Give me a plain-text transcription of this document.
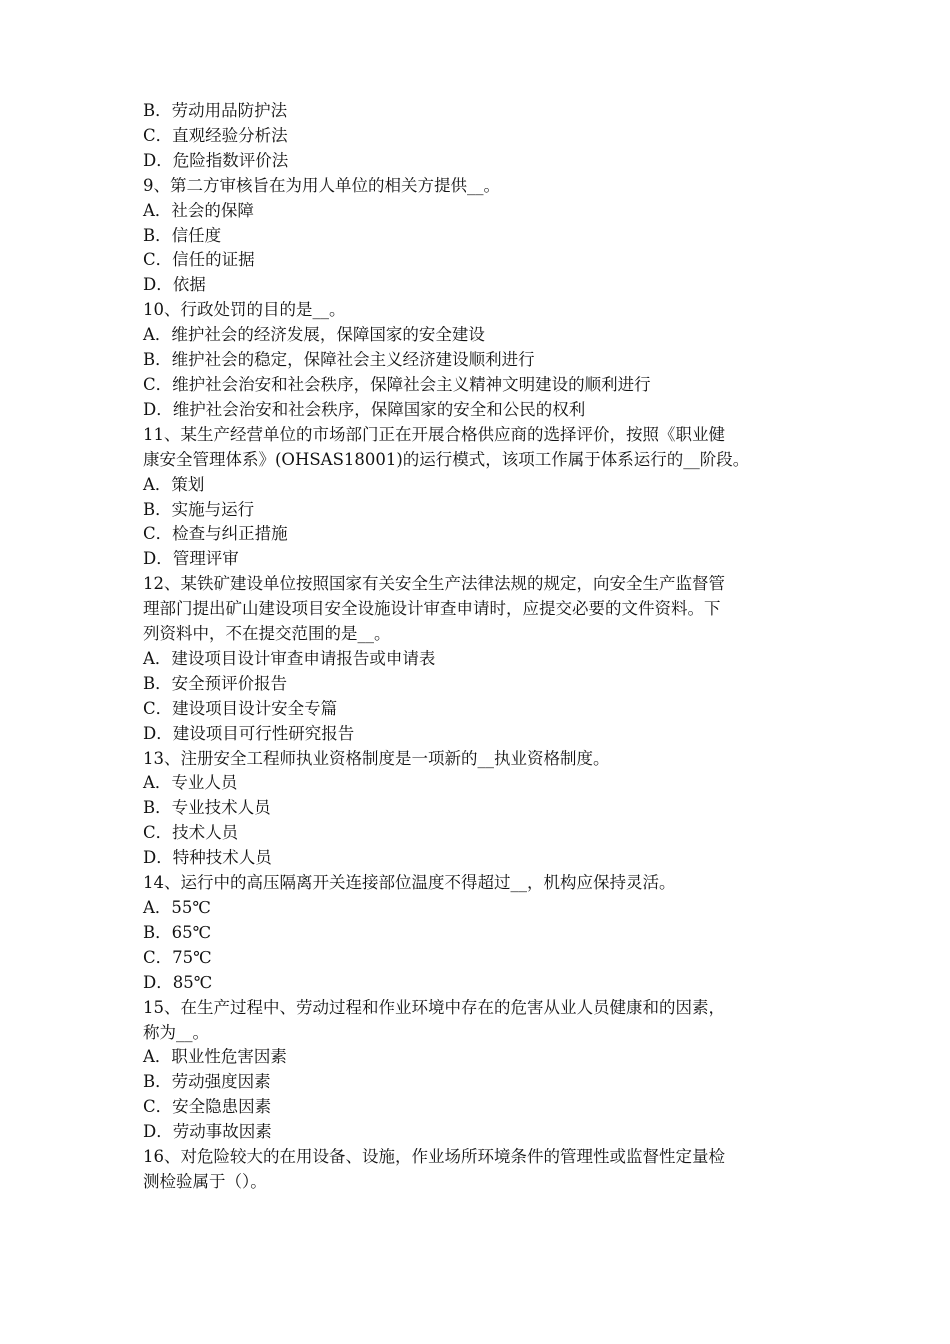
B．劳动用品防护法

C．直观经验分析法

D．危险指数评价法

9、第二方审核旨在为用人单位的相关方提供__。

A．社会的保障

B．信任度

C．信任的证据

D．依据

10、行政处罚的目的是__。

A．维护社会的经济发展，保障国家的安全建设

B．维护社会的稳定，保障社会主义经济建设顺利进行

C．维护社会治安和社会秩序，保障社会主义精神文明建设的顺利进行

D．维护社会治安和社会秩序，保障国家的安全和公民的权利

11、某生产经营单位的市场部门正在开展合格供应商的选择评价，按照《职业健

康安全管理体系》(OHSAS18001)的运行模式，该项工作属于体系运行的__阶段。

A．策划

B．实施与运行

C．检查与纠正措施

D．管理评审

12、某铁矿建设单位按照国家有关安全生产法律法规的规定，向安全生产监督管

理部门提出矿山建设项目安全设施设计审查申请时，应提交必要的文件资料。下

列资料中，不在提交范围的是__。

A．建设项目设计审查申请报告或申请表

B．安全预评价报告

C．建设项目设计安全专篇

D．建设项目可行性研究报告

13、注册安全工程师执业资格制度是一项新的__执业资格制度。

A．专业人员

B．专业技术人员

C．技术人员

D．特种技术人员

14、运行中的高压隔离开关连接部位温度不得超过__，机构应保持灵活。

A．55℃

B．65℃

C．75℃

D．85℃

15、在生产过程中、劳动过程和作业环境中存在的危害从业人员健康和的因素，

称为__。

A．职业性危害因素

B．劳动强度因素

C．安全隐患因素

D．劳动事故因素

16、对危险较大的在用设备、设施，作业场所环境条件的管理性或监督性定量检

测检验属于（）。
